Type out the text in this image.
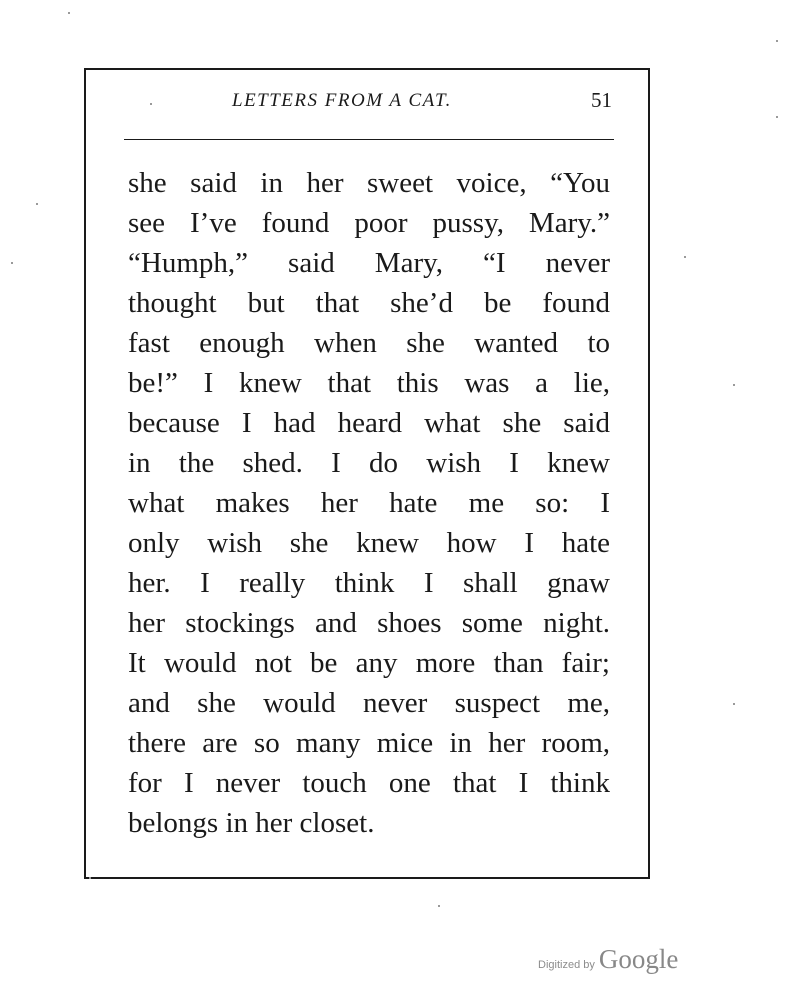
LETTERS FROM A CAT.	51
she said in her sweet voice, “You
see I’ve found poor pussy, Mary.”
“Humph,” said Mary, “I never
thought but that she’d be found
fast enough when she wanted to
be!” I knew that this was a lie,
because I had heard what she said
in the shed. I do wish I knew
what makes her hate me so: I
only wish she knew how I hate
her. I really think I shall gnaw
her stockings and shoes some night.
It would not be any more than fair;
and she would never suspect me,
there are so many mice in her room,
for I never touch one that I think
belongs in her closet.
Digitized by Google
